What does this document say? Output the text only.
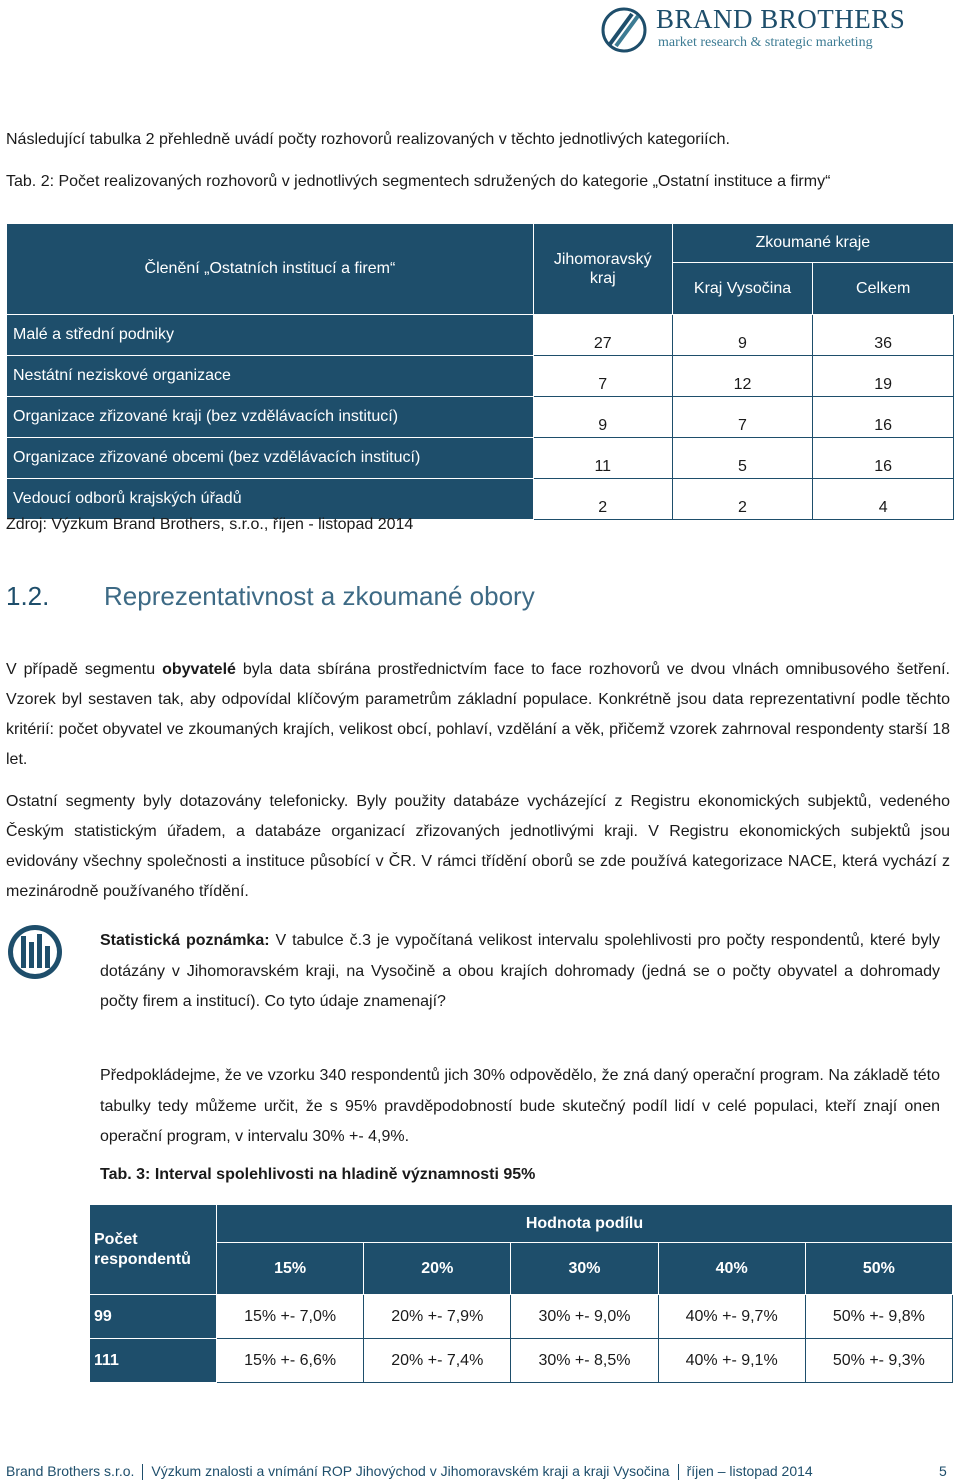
BRAND BROTHERS
market research & strategic marketing
Následující tabulka 2 přehledně uvádí počty rozhovorů realizovaných v těchto jednotlivých kategoriích.
Tab. 2: Počet realizovaných rozhovorů v jednotlivých segmentech sdružených do kategorie „Ostatní instituce a firmy“
Členění „Ostatních institucí a firem“	Jihomoravský kraj	Zkoumané kraje	
		Kraj Vysočina	Celkem
Malé a střední podniky	27	9	36
Nestátní neziskové organizace	7	12	19
Organizace zřizované kraji (bez vzdělávacích institucí)	9	7	16
Organizace zřizované obcemi (bez vzdělávacích institucí)	11	5	16
Vedoucí odborů krajských úřadů	2	2	4
Zdroj: Výzkum Brand Brothers, s.r.o., říjen - listopad 2014
1.2. Reprezentativnost a zkoumané obory
V případě segmentu obyvatelé byla data sbírána prostřednictvím face to face rozhovorů ve dvou vlnách omnibusového šetření. Vzorek byl sestaven tak, aby odpovídal klíčovým parametrům základní populace. Konkrétně jsou data reprezentativní podle těchto kritérií: počet obyvatel ve zkoumaných krajích, velikost obcí, pohlaví, vzdělání a věk, přičemž vzorek zahrnoval respondenty starší 18 let.
Ostatní segmenty byly dotazovány telefonicky. Byly použity databáze vycházející z Registru ekonomických subjektů, vedeného Českým statistickým úřadem, a databáze organizací zřizovaných jednotlivými kraji. V Registru ekonomických subjektů jsou evidovány všechny společnosti a instituce působící v ČR. V rámci třídění oborů se zde používá kategorizace NACE, která vychází z mezinárodně používaného třídění.
Statistická poznámka: V tabulce č.3 je vypočítaná velikost intervalu spolehlivosti pro počty respondentů, které byly dotázány v Jihomoravském kraji, na Vysočině a obou krajích dohromady (jedná se o počty obyvatel a dohromady počty firem a institucí). Co tyto údaje znamenají?
Předpokládejme, že ve vzorku 340 respondentů jich 30% odpovědělo, že zná daný operační program. Na základě této tabulky tedy můžeme určit, že s 95% pravděpodobností bude skutečný podíl lidí v celé populaci, kteří znají onen operační program, v intervalu 30% +- 4,9%.
Tab. 3: Interval spolehlivosti na hladině významnosti 95%
Počet respondentů	Hodnota podílu				
	15%	20%	30%	40%	50%
99	15% +- 7,0%	20% +- 7,9%	30% +- 9,0%	40% +- 9,7%	50% +- 9,8%
111	15% +- 6,6%	20% +- 7,4%	30% +- 8,5%	40% +- 9,1%	50% +- 9,3%
Brand Brothers s.r.o. Výzkum znalosti a vnímání ROP Jihovýchod v Jihomoravském kraji a kraji Vysočina říjen – listopad 2014	5
